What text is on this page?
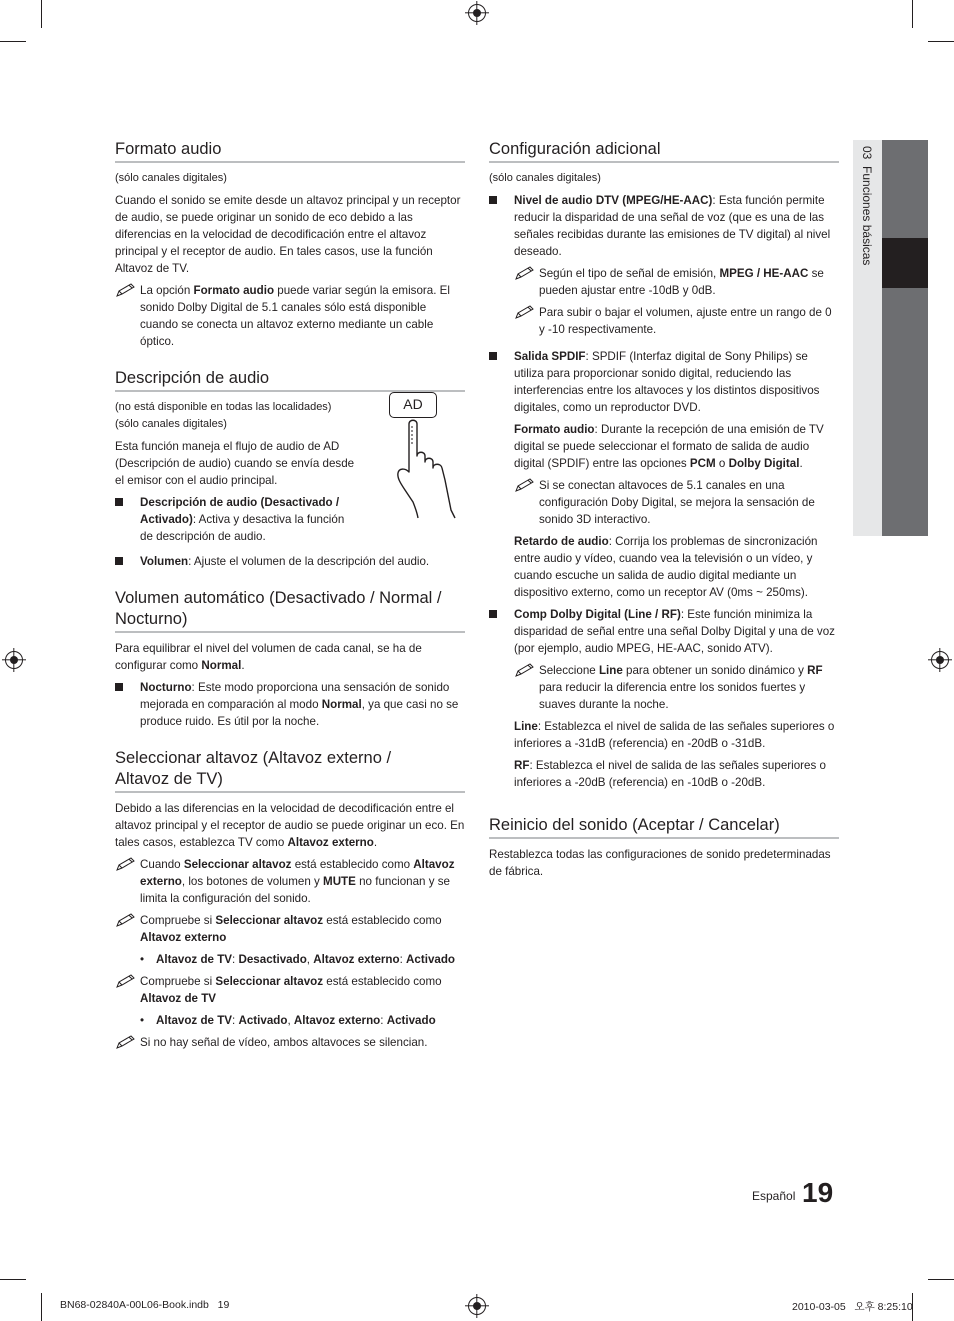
03  Funciones básicas
Formato audio
(sólo canales digitales)
Cuando el sonido se emite desde un altavoz principal y un receptor de audio, se puede originar un sonido de eco debido a las diferencias en la velocidad de decodificación entre el altavoz principal y el receptor de audio. En tales casos, use la función Altavoz de TV.
La opción Formato audio puede variar según la emisora. El sonido Dolby Digital de 5.1 canales sólo está disponible cuando se conecta un altavoz externo mediante un cable óptico.
Descripción de audio
AD
(no está disponible en todas las localidades)
(sólo canales digitales)
Esta función maneja el flujo de audio de AD (Descripción de audio) cuando se envía desde el emisor con el audio principal.
Descripción de audio (Desactivado / Activado): Activa y desactiva la función de descripción de audio.
Volumen: Ajuste el volumen de la descripción del audio.
Volumen automático (Desactivado / Normal /
Nocturno)
Para equilibrar el nivel del volumen de cada canal, se ha de configurar como Normal.
Nocturno: Este modo proporciona una sensación de sonido mejorada en comparación al modo Normal, ya que casi no se produce ruido. Es útil por la noche.
Seleccionar altavoz (Altavoz externo /
Altavoz de TV)
Debido a las diferencias en la velocidad de decodificación entre el altavoz principal y el receptor de audio se puede originar un eco. En tales casos, establezca TV como Altavoz externo.
Cuando Seleccionar altavoz está establecido como Altavoz externo, los botones de volumen y MUTE no funcionan y se limita la configuración del sonido.
Compruebe si Seleccionar altavoz está establecido como Altavoz externo
• Altavoz de TV: Desactivado, Altavoz externo: Activado
Compruebe si Seleccionar altavoz está establecido como Altavoz de TV
• Altavoz de TV: Activado, Altavoz externo: Activado
Si no hay señal de vídeo, ambos altavoces se silencian.
Configuración adicional
(sólo canales digitales)
Nivel de audio DTV (MPEG/HE-AAC): Esta función permite reducir la disparidad de una señal de voz (que es una de las señales recibidas durante las emisiones de TV digital) al nivel deseado.
Según el tipo de señal de emisión, MPEG / HE-AAC se pueden ajustar entre -10dB y 0dB.
Para subir o bajar el volumen, ajuste entre un rango de 0 y -10 respectivamente.
Salida SPDIF: SPDIF (Interfaz digital de Sony Philips) se utiliza para proporcionar sonido digital, reduciendo las interferencias entre los altavoces y los distintos dispositivos digitales, como un reproductor DVD.
Formato audio: Durante la recepción de una emisión de TV digital se puede seleccionar el formato de salida de audio digital (SPDIF) entre las opciones PCM o Dolby Digital.
Si se conectan altavoces de 5.1 canales en una configuración Doby Digital, se mejora la sensación de sonido 3D interactivo.
Retardo de audio: Corrija los problemas de sincronización entre audio y vídeo, cuando vea la televisión o un vídeo, y cuando escuche un salida de audio digital mediante un dispositivo externo, como un receptor AV (0ms ~ 250ms).
Comp Dolby Digital (Line / RF): Este función minimiza la disparidad de señal entre una señal Dolby Digital y una de voz (por ejemplo, audio MPEG, HE-AAC, sonido ATV).
Seleccione Line para obtener un sonido dinámico y RF para reducir la diferencia entre los sonidos fuertes y suaves durante la noche.
Line: Establezca el nivel de salida de las señales superiores o inferiores a -31dB (referencia) en -20dB o -31dB.
RF: Establezca el nivel de salida de las señales superiores o inferiores a -20dB (referencia) en -10dB o -20dB.
Reinicio del sonido (Aceptar / Cancelar)
Restablezca todas las configuraciones de sonido predeterminadas de fábrica.
Español 19
BN68-02840A-00L06-Book.indb   19	2010-03-05   오후 8:25:10
